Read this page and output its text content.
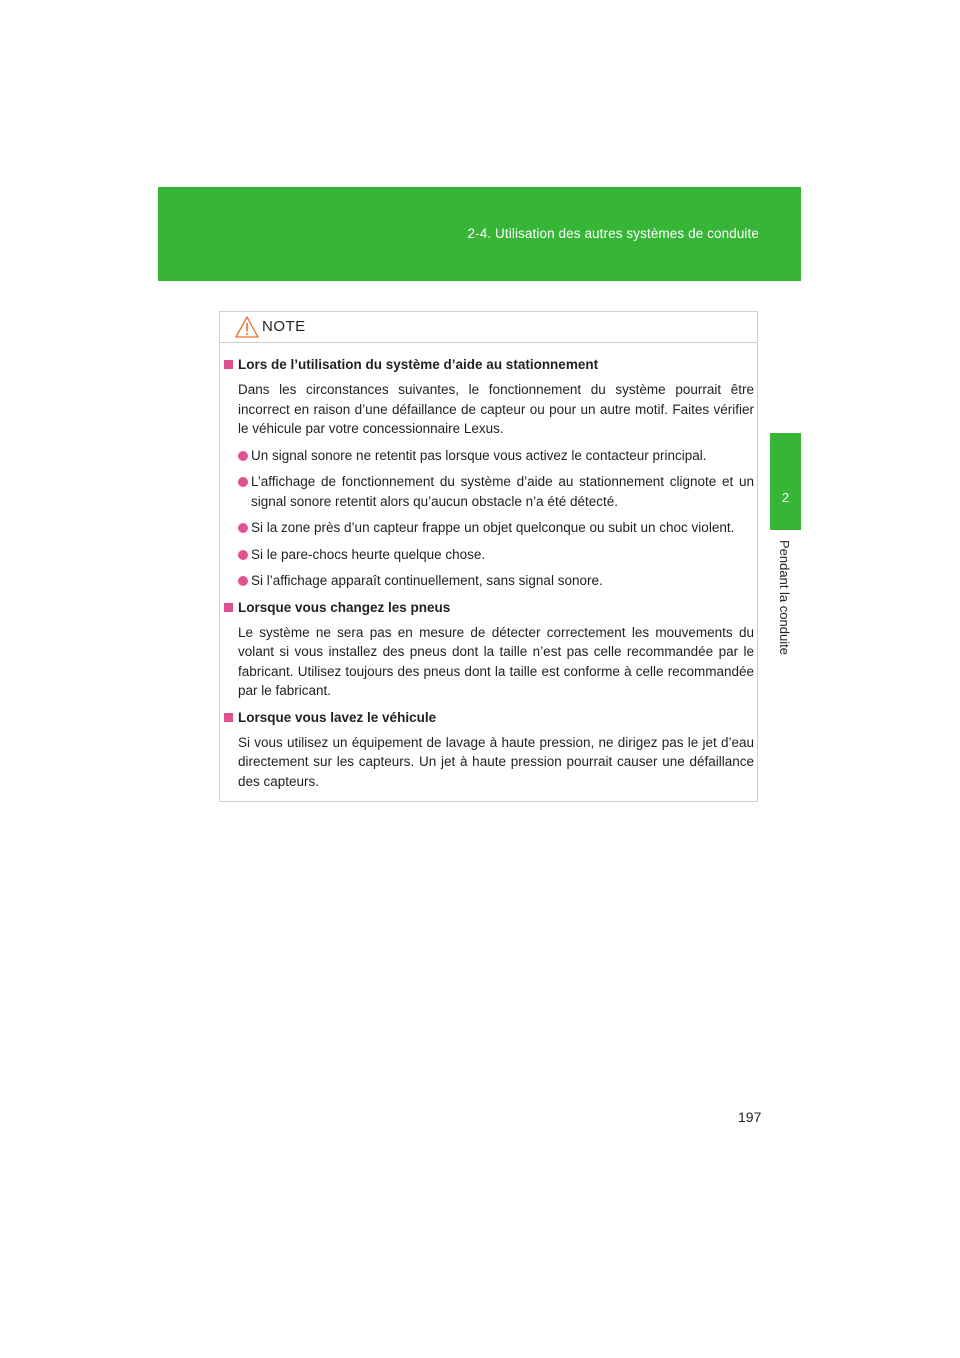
2-4. Utilisation des autres systèmes de conduite
2
Pendant la conduite
NOTE
Lors de l’utilisation du système d’aide au stationnement
Dans les circonstances suivantes, le fonctionnement du système pourrait être incorrect en raison d’une défaillance de capteur ou pour un autre motif. Faites vérifier le véhicule par votre concessionnaire Lexus.
Un signal sonore ne retentit pas lorsque vous activez le contacteur principal.
L’affichage de fonctionnement du système d’aide au stationnement clignote et un signal sonore retentit alors qu’aucun obstacle n’a été détecté.
Si la zone près d’un capteur frappe un objet quelconque ou subit un choc violent.
Si le pare-chocs heurte quelque chose.
Si l’affichage apparaît continuellement, sans signal sonore.
Lorsque vous changez les pneus
Le système ne sera pas en mesure de détecter correctement les mouvements du volant si vous installez des pneus dont la taille n’est pas celle recommandée par le fabricant. Utilisez toujours des pneus dont la taille est conforme à celle recommandée par le fabricant.
Lorsque vous lavez le véhicule
Si vous utilisez un équipement de lavage à haute pression, ne dirigez pas le jet d’eau directement sur les capteurs. Un jet à haute pression pourrait causer une défaillance des capteurs.
197
